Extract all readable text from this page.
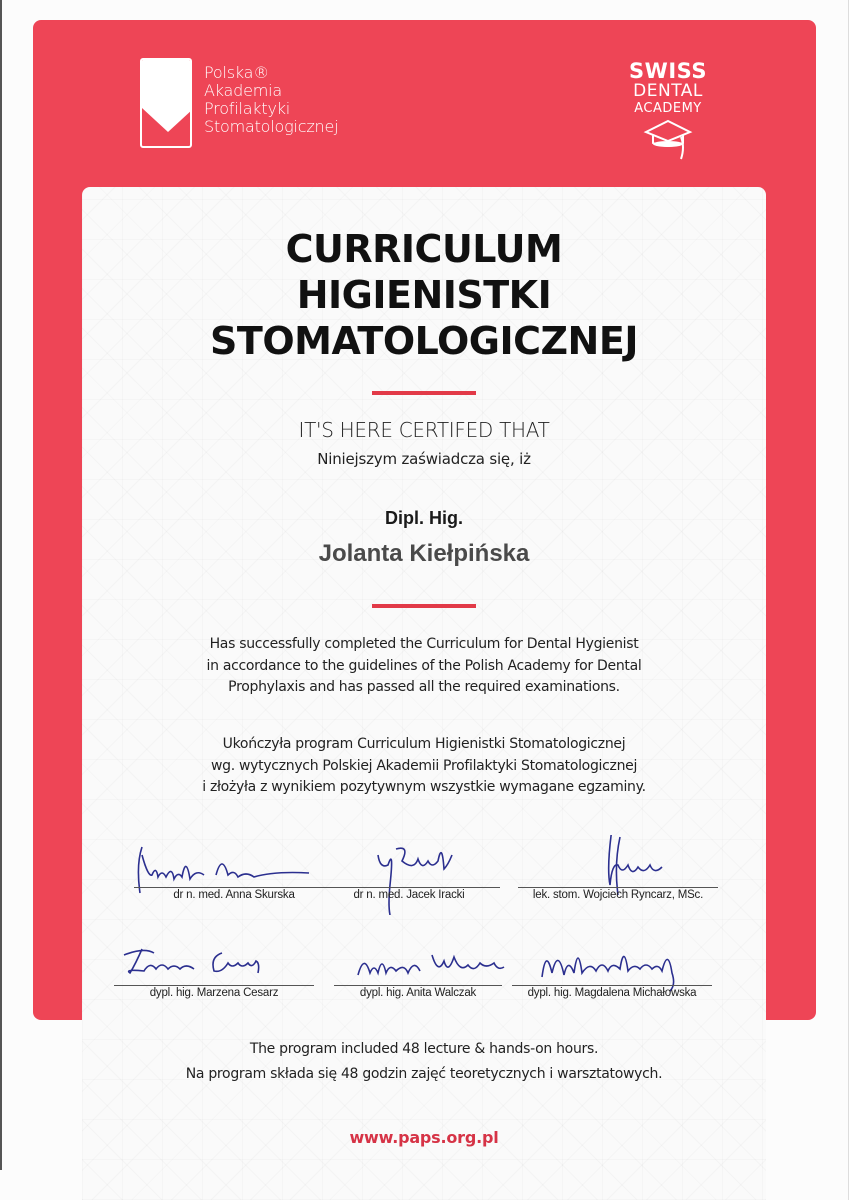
Polska®
Akademia
Profilaktyki
Stomatologicznej
SWISS
DENTAL
ACADEMY
CURRICULUM
HIGIENISTKI
STOMATOLOGICZNEJ
IT'S HERE CERTIFED THAT
Niniejszym zaświadcza się, iż
Dipl. Hig.
Jolanta Kiełpińska
Has successfully completed the Curriculum for Dental Hygienist
in accordance to the guidelines of the Polish Academy for Dental
Prophylaxis and has passed all the required examinations.
Ukończyła program Curriculum Higienistki Stomatologicznej
wg. wytycznych Polskiej Akademii Profilaktyki Stomatologicznej
i złożyła z wynikiem pozytywnym wszystkie wymagane egzaminy.
dr n. med. Anna Skurska	dr n. med. Jacek Iracki	lek. stom. Wojciech Ryncarz, MSc.
dypl. hig. Marzena Cesarz	dypl. hig. Anita Walczak	dypl. hig. Magdalena Michałowska
The program included 48 lecture & hands-on hours.
Na program składa się 48 godzin zajęć teoretycznych i warsztatowych.
www.paps.org.pl
